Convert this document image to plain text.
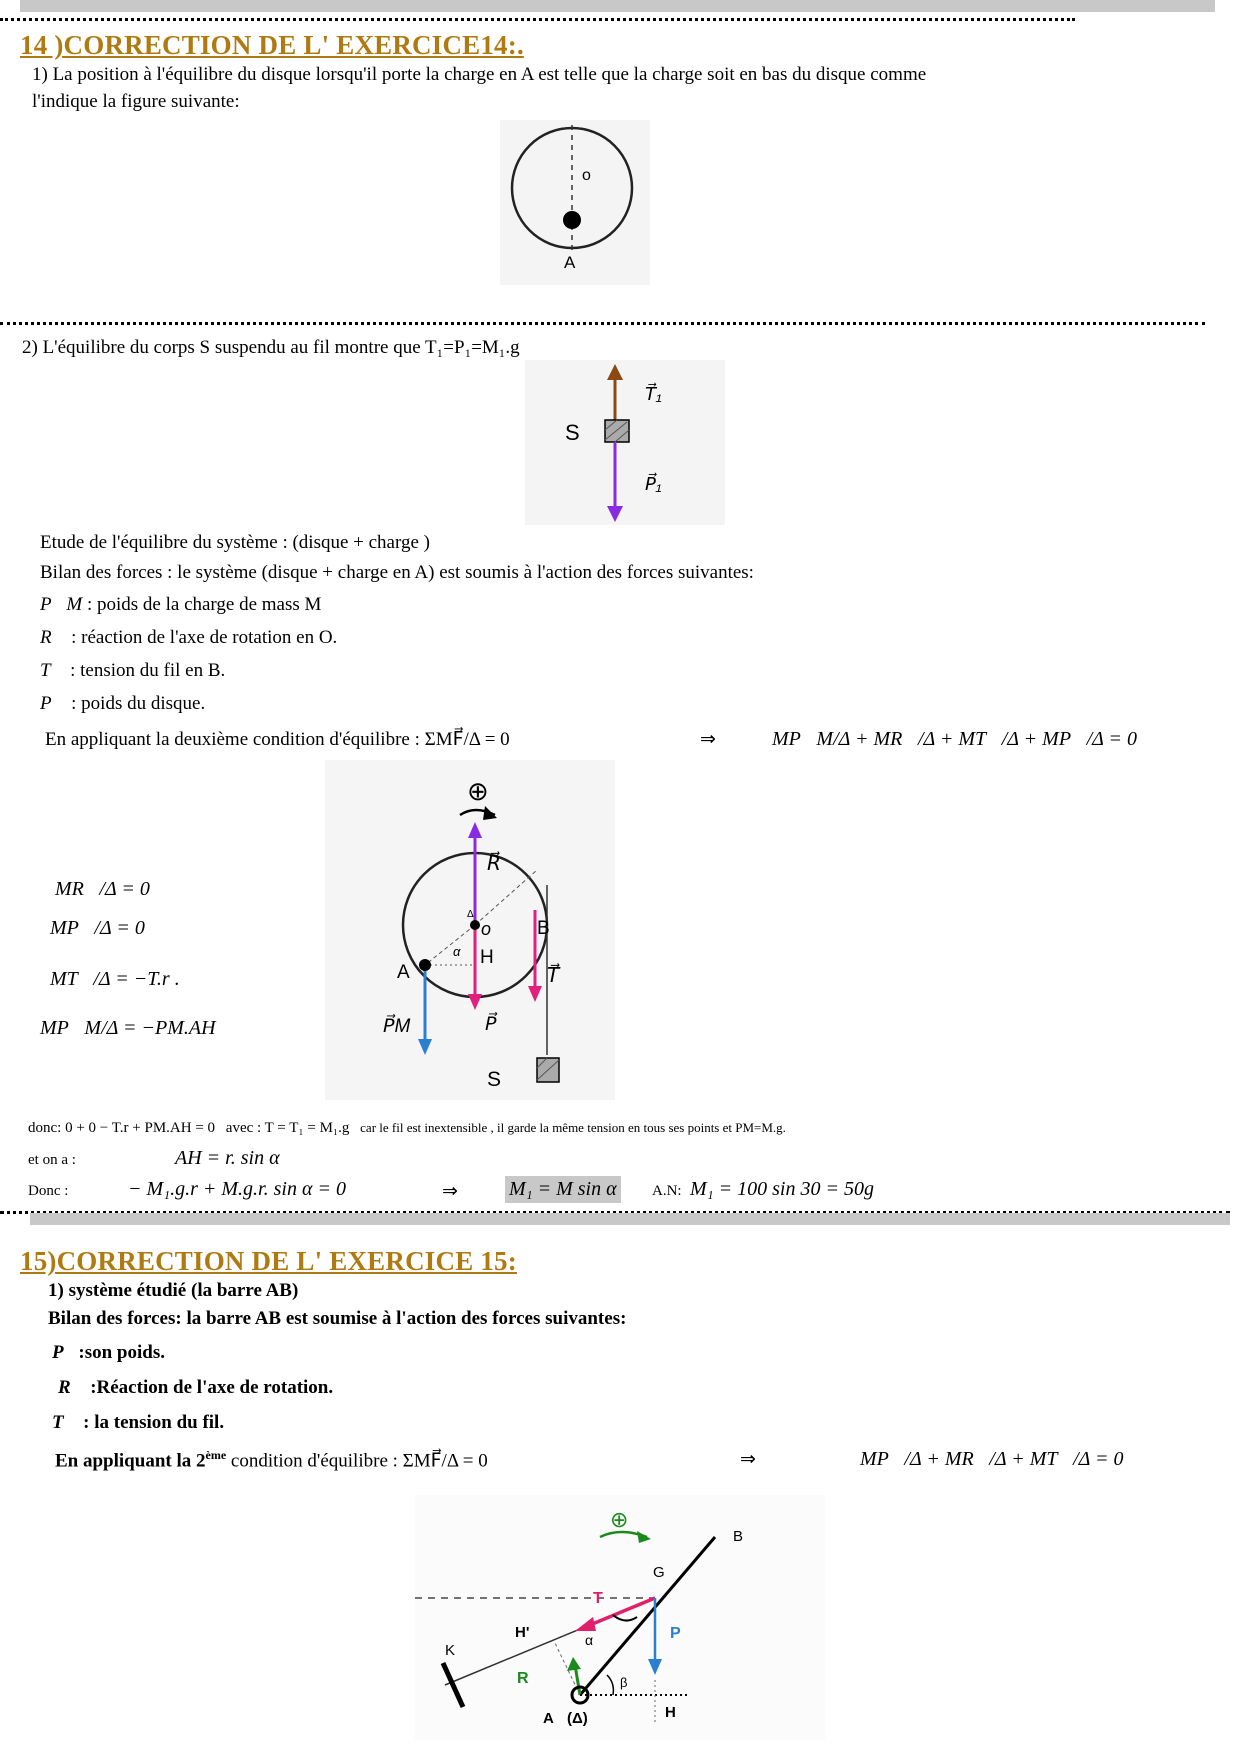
14 )CORRECTION DE L' EXERCICE14:.
1) La position à l'équilibre du disque lorsqu'il porte la charge en A est telle que la charge soit en bas du disque comme
l'indique la figure suivante:
o
A
2) L'équilibre du corps S suspendu au fil montre que T₁=P₁=M₁.g
S
T⃗₁
P⃗₁
Etude de l'équilibre du système : (disque + charge )
Bilan des forces : le système (disque + charge en A) est soumis à l'action des forces suivantes:
P⃗M : poids de la charge de mass M
R⃗ : réaction de l'axe de rotation en O.
T⃗ : tension du fil en B.
P⃗ : poids du disque.
En appliquant la deuxième condition d'équilibre : ΣMF⃗/Δ = 0	⇒	MP⃗M/Δ + MR⃗/Δ + MT⃗/Δ + MP⃗/Δ = 0
MR⃗/Δ = 0
MP⃗/Δ = 0
MT⃗/Δ = −T.r .
MP⃗M/Δ = −PM.AH
⊕
R⃗
o
Δ
B
H
α
A	T⃗
P⃗M	P⃗
S
donc: 0 + 0 − T.r + PM.AH = 0 avec : T = T₁ = M₁.g car le fil est inextensible , il garde la même tension en tous ses points et PM=M.g.
et on a :	AH = r. sin α
Donc :	− M₁.g.r + M.g.r. sin α = 0	⇒	M₁ = M sin α A.N: M₁ = 100 sin 30 = 50g
15)CORRECTION DE L' EXERCICE 15:
1) système étudié (la barre AB)
Bilan des forces: la barre AB est soumise à l'action des forces suivantes:
P⃗:son poids.
R⃗ :Réaction de l'axe de rotation.
T⃗ : la tension du fil.
En appliquant la 2ème condition d'équilibre : ΣMF⃗/Δ = 0	⇒	MP⃗/Δ + MR⃗/Δ + MT⃗/Δ = 0
⊕
B
G
T
P
H'	α
K
R	β
A (Δ)	H
